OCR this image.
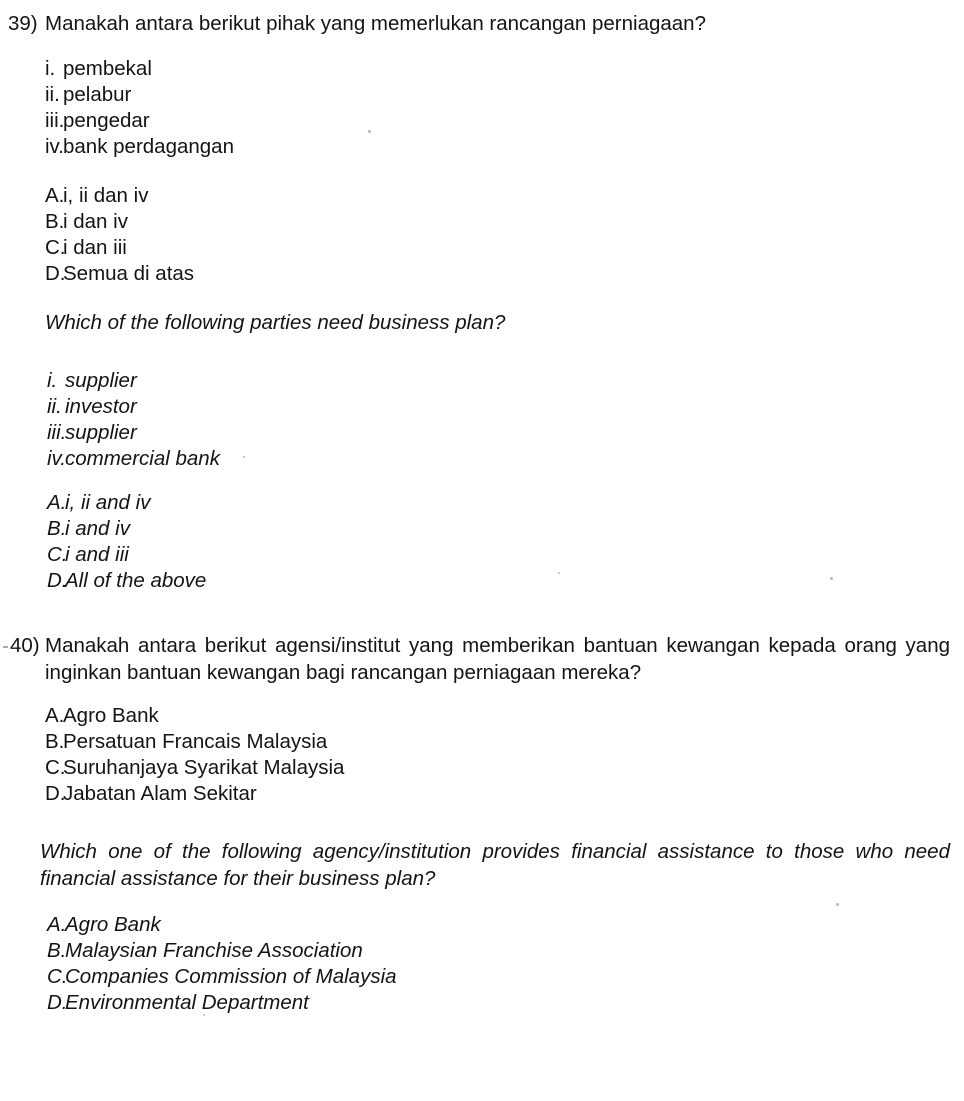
39) Manakah antara berikut pihak yang memerlukan rancangan perniagaan?
i. pembekal
ii. pelabur
iii.
pengedar
iv. bank perdagangan
A.
i, ii dan iv
B.
i dan iv
C.
i dan iii
D.
Semua di atas
Which of the following parties need business plan?
i. supplier
ii. investor
iii.
supplier
iv. commercial bank
A.
i, ii and iv
B.
i and iv
C.
i and iii
D.
All of the above
40) Manakah antara berikut agensi/institut yang memberikan bantuan kewangan kepada orang yang inginkan bantuan kewangan bagi rancangan perniagaan mereka?
A.
Agro Bank
B.
Persatuan Francais Malaysia
C.
Suruhanjaya Syarikat Malaysia
D.
Jabatan Alam Sekitar
Which one of the following agency/institution provides financial assistance to those who need financial assistance for their business plan?
A.
Agro Bank
B.
Malaysian Franchise Association
C.
Companies Commission of Malaysia
D.
Environmental Department
